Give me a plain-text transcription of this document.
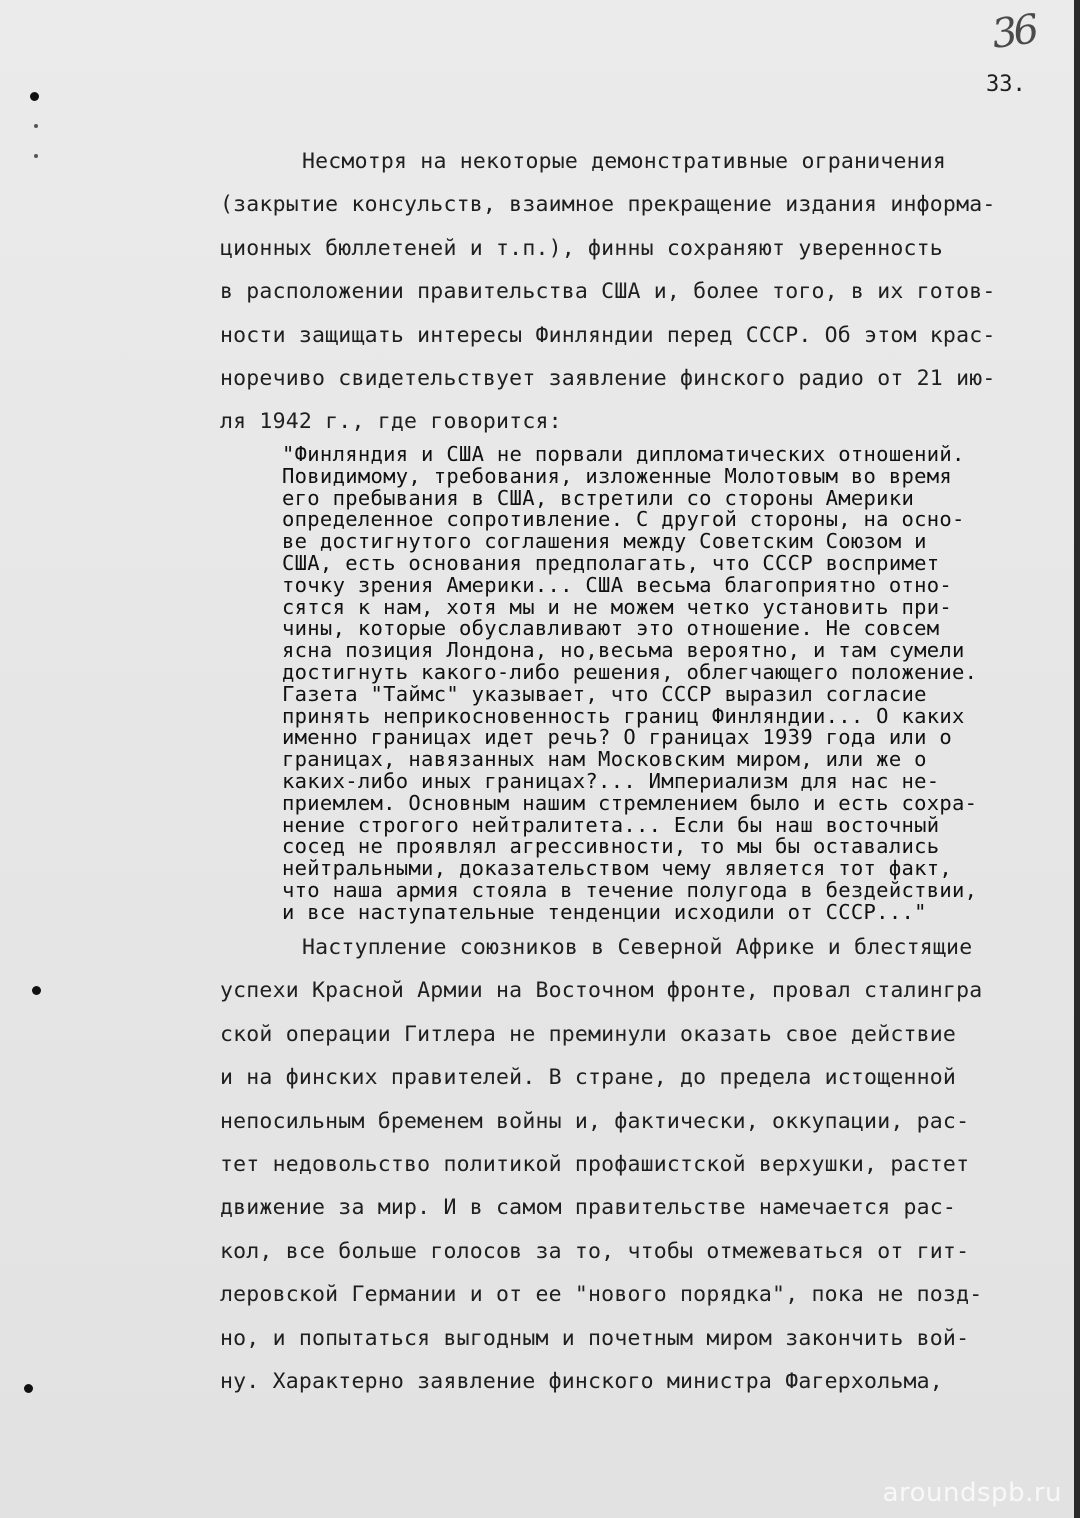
36
33.
Несмотря на некоторые демонстративные ограничения
(закрытие консульств, взаимное прекращение издания информа-
ционных бюллетеней и т.п.), финны сохраняют уверенность
в расположении правительства США и, более того, в их готов-
ности защищать интересы Финляндии перед СССР. Об этом крас-
норечиво свидетельствует заявление финского радио от 21 ию-
ля 1942 г., где говорится:
"Финляндия и США не порвали дипломатических отношений.
Повидимому, требования, изложенные Молотовым во время
его пребывания в США, встретили со стороны Америки
определенное сопротивление. С другой стороны, на осно-
ве достигнутого соглашения между Советским Союзом и
США, есть основания предполагать, что СССР воспримет
точку зрения Америки... США весьма благоприятно отно-
сятся к нам, хотя мы и не можем четко установить при-
чины, которые обуславливают это отношение. Не совсем
ясна позиция Лондона, но,весьма вероятно, и там сумели
достигнуть какого-либо решения, облегчающего положение.
Газета "Таймс" указывает, что СССР выразил согласие
принять неприкосновенность границ Финляндии... О каких
именно границах идет речь? О границах 1939 года или о
границах, навязанных нам Московским миром, или же о
каких-либо иных границах?... Империализм для нас не-
приемлем. Основным нашим стремлением было и есть сохра-
нение строгого нейтралитета... Если бы наш восточный
сосед не проявлял агрессивности, то мы бы оставались
нейтральными, доказательством чему является тот факт,
что наша армия стояла в течение полугода в бездействии,
и все наступательные тенденции исходили от СССР..."
Наступление союзников в Северной Африке и блестящие
успехи Красной Армии на Восточном фронте, провал сталингра
ской операции Гитлера не преминули оказать свое действие
и на финских правителей. В стране, до предела истощенной
непосильным бременем войны и, фактически, оккупации, рас-
тет недовольство политикой профашистской верхушки, растет
движение за мир. И в самом правительстве намечается рас-
кол, все больше голосов за то, чтобы отмежеваться от гит-
леровской Германии и от ее "нового порядка", пока не позд-
но, и попытаться выгодным и почетным миром закончить вой-
ну. Характерно заявление финского министра Фагерхольма,
aroundspb.ru
